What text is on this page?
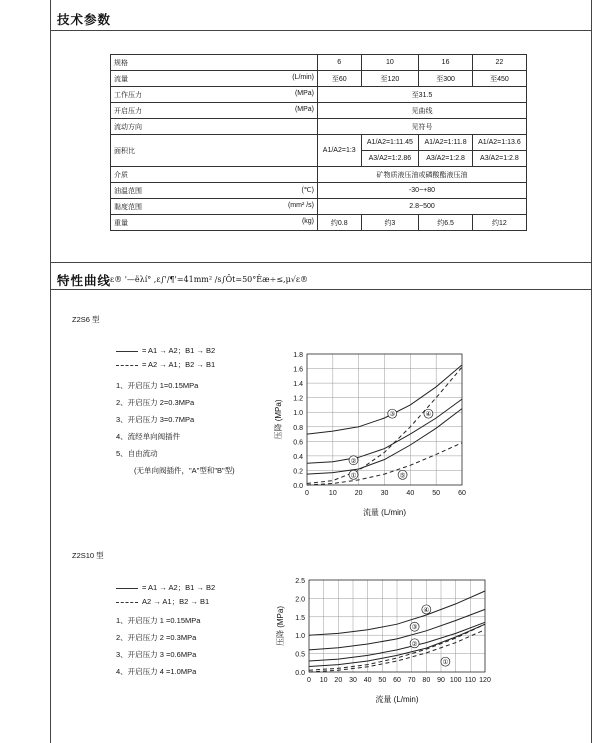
技术参数
规格	6	10	16	22
流量 (L/min)	至60	至120	至300	至450
工作压力 (MPa)	至31.5			
开启压力 (MPa)	见曲线			
流动方向	见符号			
面积比	A1/A2=1:3	A1/A2=1:11.45	A1/A2=1:11.8	A1/A2=1:13.6
		A3/A2=1:2.86	A3/A2=1:2.8	A3/A2=1:2.8
介质	矿物质液压油或磷酸酯液压油			
油温范围 (℃)	-30~+80			
黏度范围 (mm² /s)	2.8~500			
重量 (kg)	约0.8	约3	约6.5	约12
特性曲线
ε® '—ëλí° ,ε∫'/¶'=41mm² /s∫Ôt=50°Êæ÷≤,μ√ε®
Z2S6 型
= A1 → A2；B1 → B2
= A2 → A1；B2 → B1
1、开启压力 1=0.15MPa
2、开启压力 2=0.3MPa
3、开启压力 3=0.7MPa
4、流经单向阀插件
5、自由流动
(无单向阀插件，"A"型和"B"型)
0.0
0.2
0.4
0.6
0.8
1.0
1.2
1.4
1.6
1.8
0	10	20	30	40	50	60
①
②
③	④
⑤
压降 (MPa)
流量 (L/min)
Z2S10 型
= A1 → A2；B1 → B2
A2 → A1；B2 → B1
1、开启压力 1 =0.15MPa
2、开启压力 2 =0.3MPa
3、开启压力 3 =0.6MPa
4、开启压力 4 =1.0MPa	0.0
0.5
1.0
1.5
2.0
2.5
0 10 20 30 40 50 60 70 80 90 100 110 120
①
②
③
④
压降 (MPa)
流量 (L/min)
